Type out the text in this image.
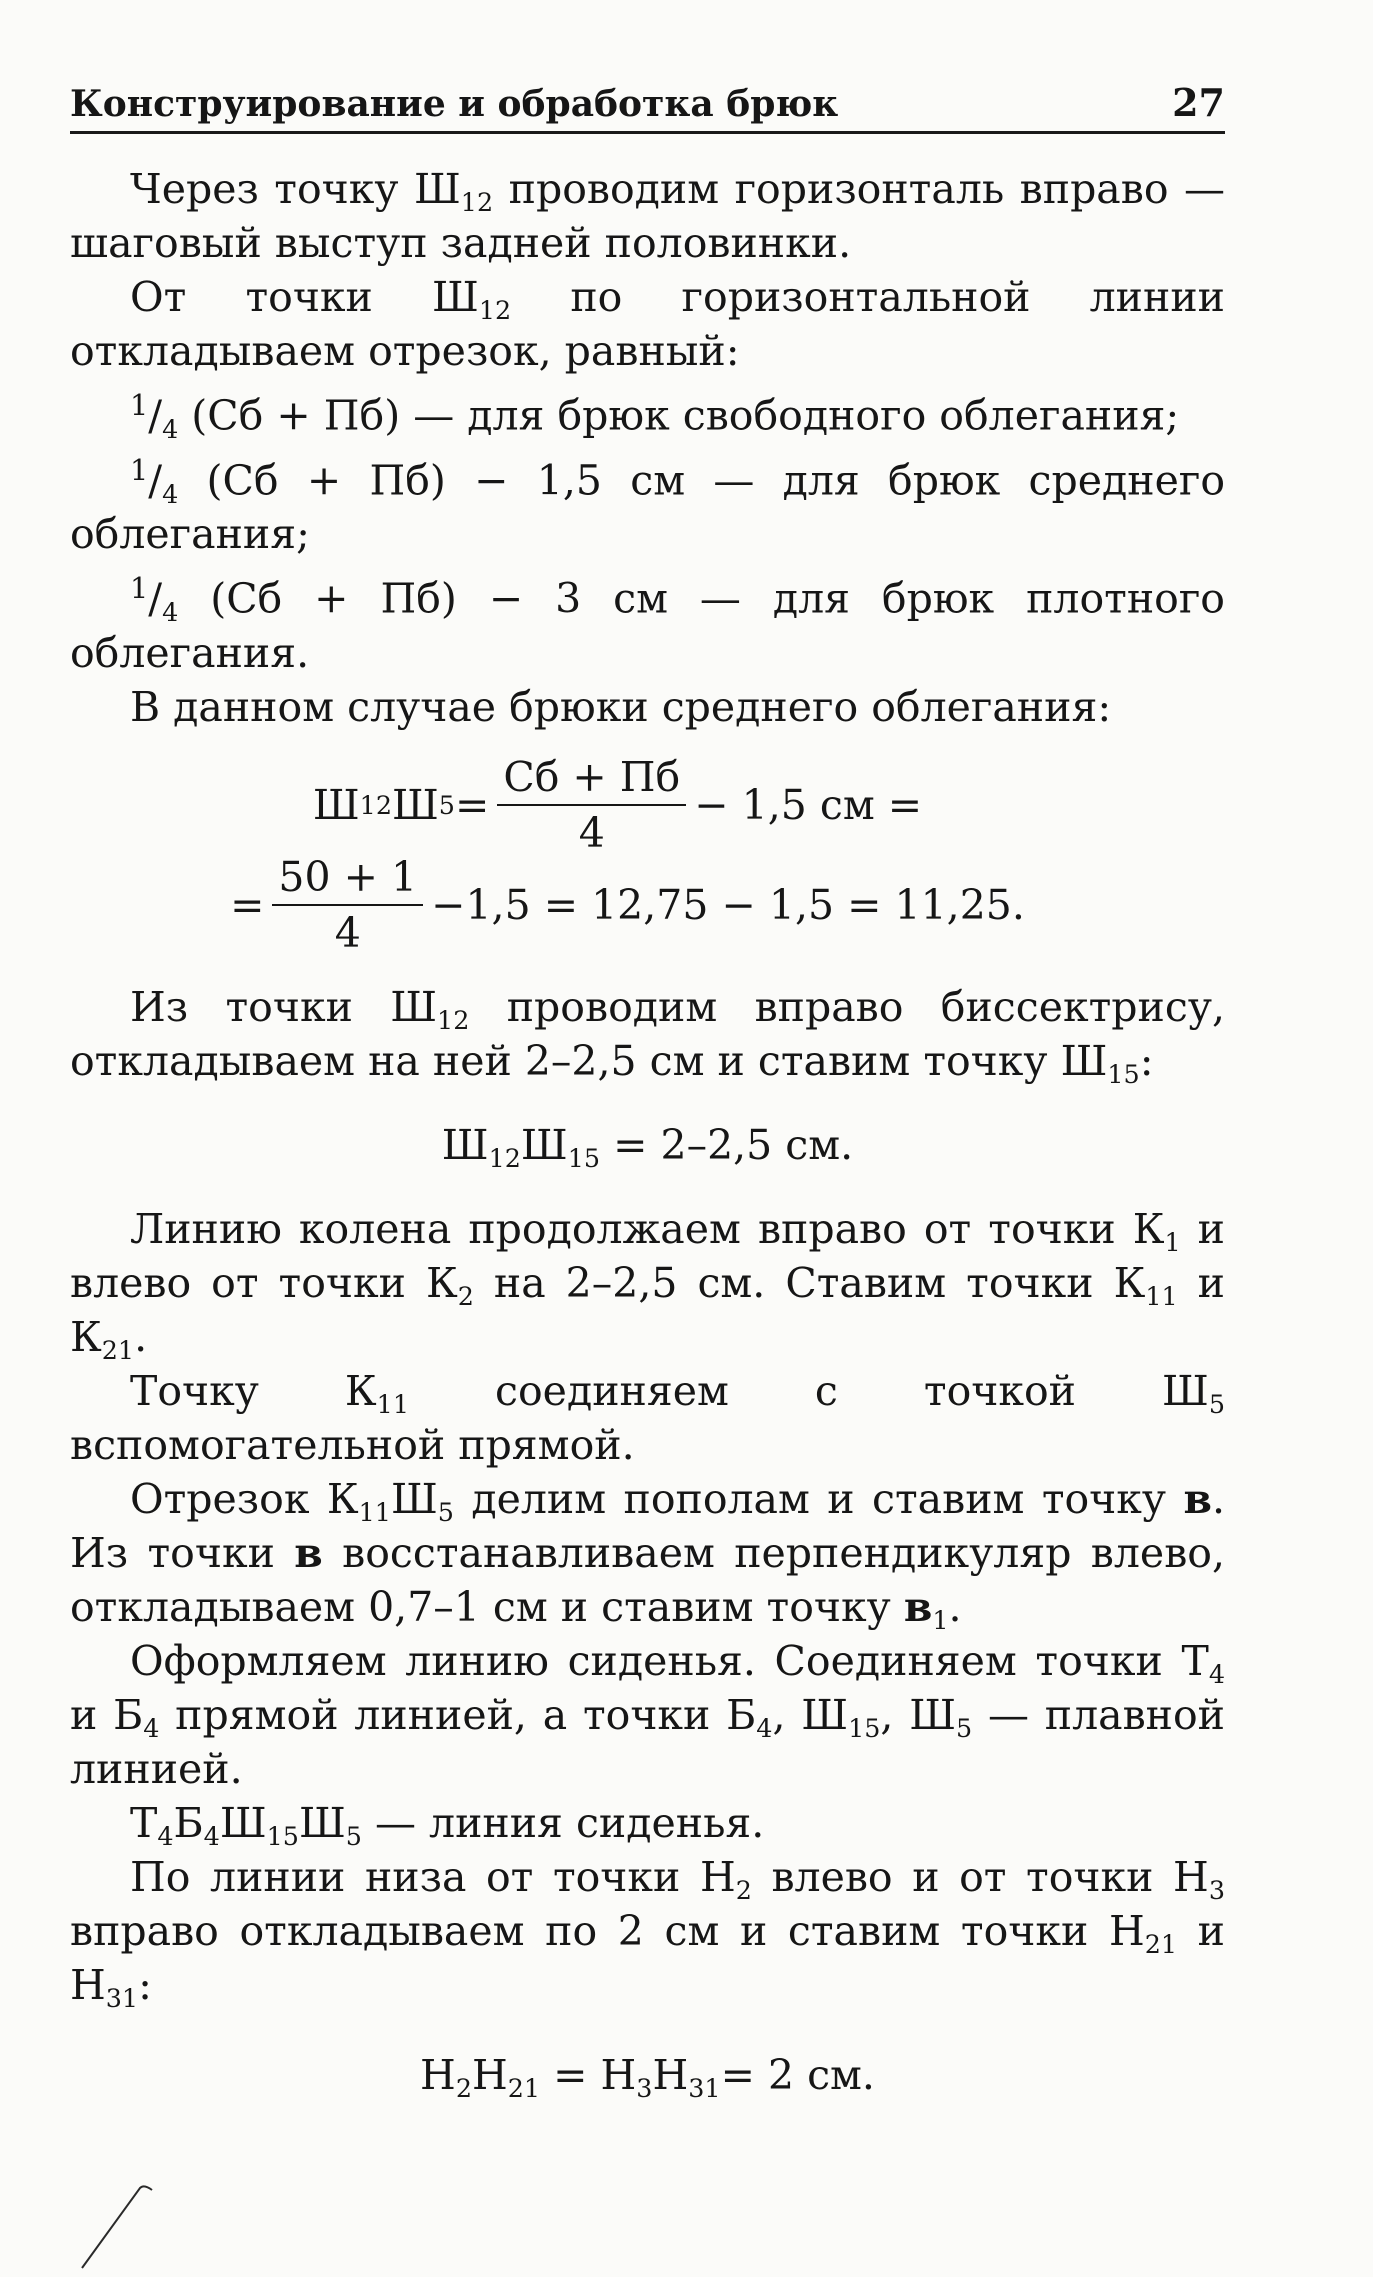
Конструирование и обработка брюк	27

Через точку $Ш_{12}$ проводим горизонталь вправо — шаговый выступ задней половинки.

От точки $Ш_{12}$ по горизонтальной линии откладываем отрезок, равный:

$^1/_4$ (Сб + Пб) — для брюк свободного облегания;

$^1/_4$ (Сб + Пб) − 1,5 см — для брюк среднего облегания;

$^1/_4$ (Сб + Пб) − 3 см — для брюк плотного облегания.

В данном случае брюки среднего облегания:

Ш 12 Ш $5 = \frac{Сб + Пб}{4} - 1,5$ см =
= $\frac{50 + 1}{4} -1,5 = 12,75 - 1,5 = 11,25$.

Из точки $Ш_{12}$ проводим вправо биссектрису, откладываем на ней 2–2,5 см и ставим точку $Ш_{15}$:

$Ш_{12}Ш_{15} = 2-2,5$ см.

Линию колена продолжаем вправо от точки $К_1$ и влево от точки $К_2$ на 2–2,5 см. Ставим точки $К_{11}$ и $К_{21}$.

Точку $К_{11}$ соединяем с точкой $Ш_5$ вспомогательной прямой.

Отрезок $К_{11}Ш_5$ делим пополам и ставим точку в. Из точки в восстанавливаем перпендикуляр влево, откладываем 0,7–1 см и ставим точку $в_1$.

Оформляем линию сиденья. Соединяем точки $Т_4$ и $Б_4$ прямой линией, а точки $Б_4$, $Ш_{15}$, $Ш_5$ — плавной линией.

$Т_4Б_4Ш_{15}Ш_5$ — линия сиденья.

По линии низа от точки $Н_2$ влево и от точки $Н_3$ вправо откладываем по 2 см и ставим точки $Н_{21}$ и $Н_{31}$:

$Н_2Н_{21} = Н_3Н_{31}= 2$ см.
